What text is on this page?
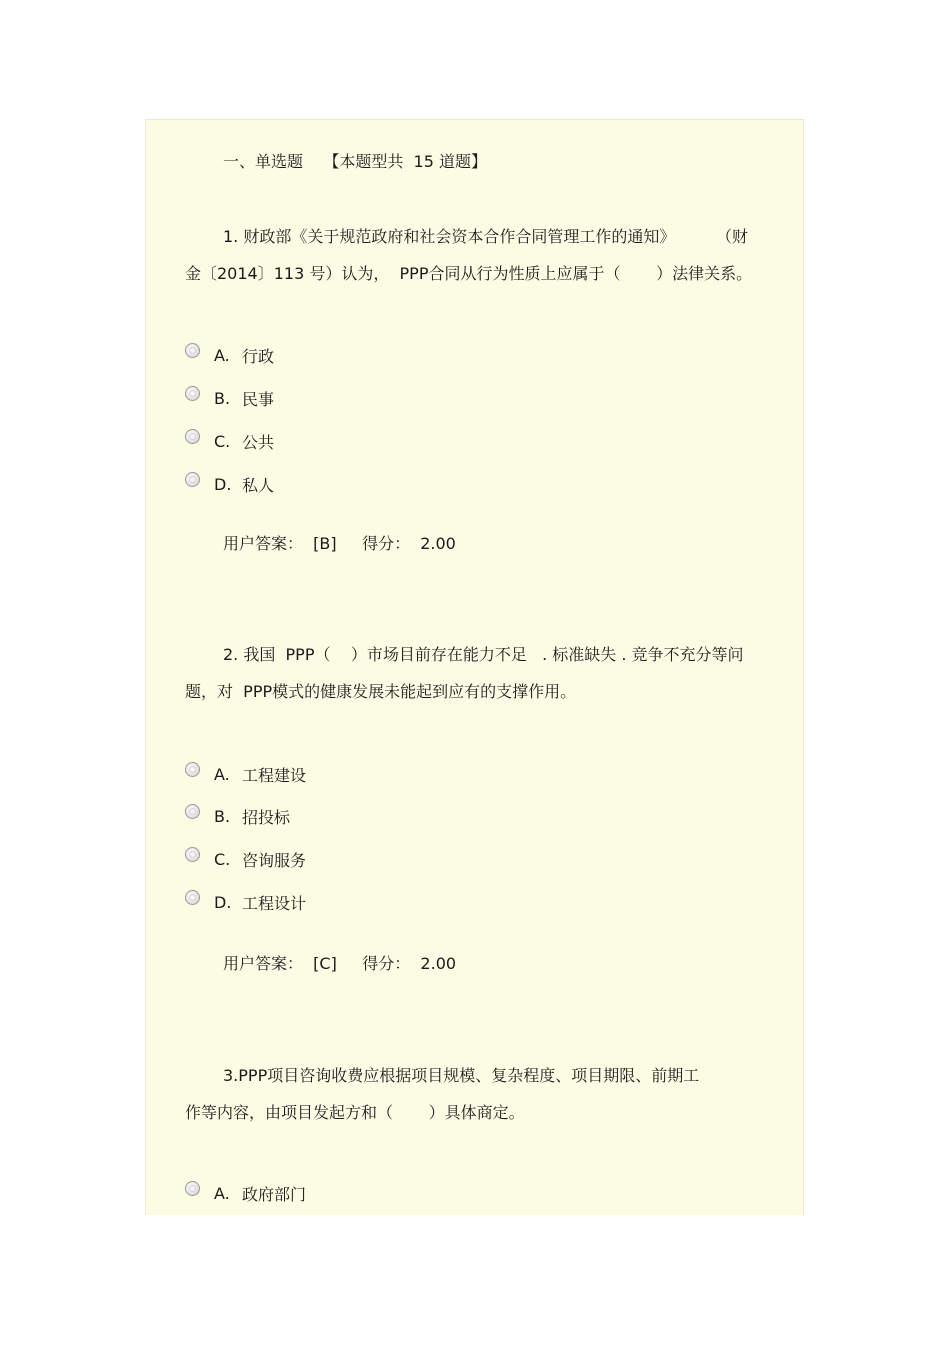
一、单选题    【本题型共  15 道题】
1. 财政部《关于规范政府和社会资本合作合同管理工作的通知》        （财
金〔2014〕113 号）认为，  PPP合同从行为性质上应属于（       ）法律关系。
A. 行政
B. 民事
C. 公共
D. 私人
用户答案：  [B]     得分：  2.00
2. 我国  PPP（    ）市场目前存在能力不足   . 标准缺失 . 竞争不充分等问
题，对  PPP模式的健康发展未能起到应有的支撑作用。
A. 工程建设
B. 招投标
C. 咨询服务
D. 工程设计
用户答案：  [C]     得分：  2.00
3.PPP项目咨询收费应根据项目规模、复杂程度、项目期限、前期工
作等内容，由项目发起方和（       ）具体商定。
A. 政府部门
